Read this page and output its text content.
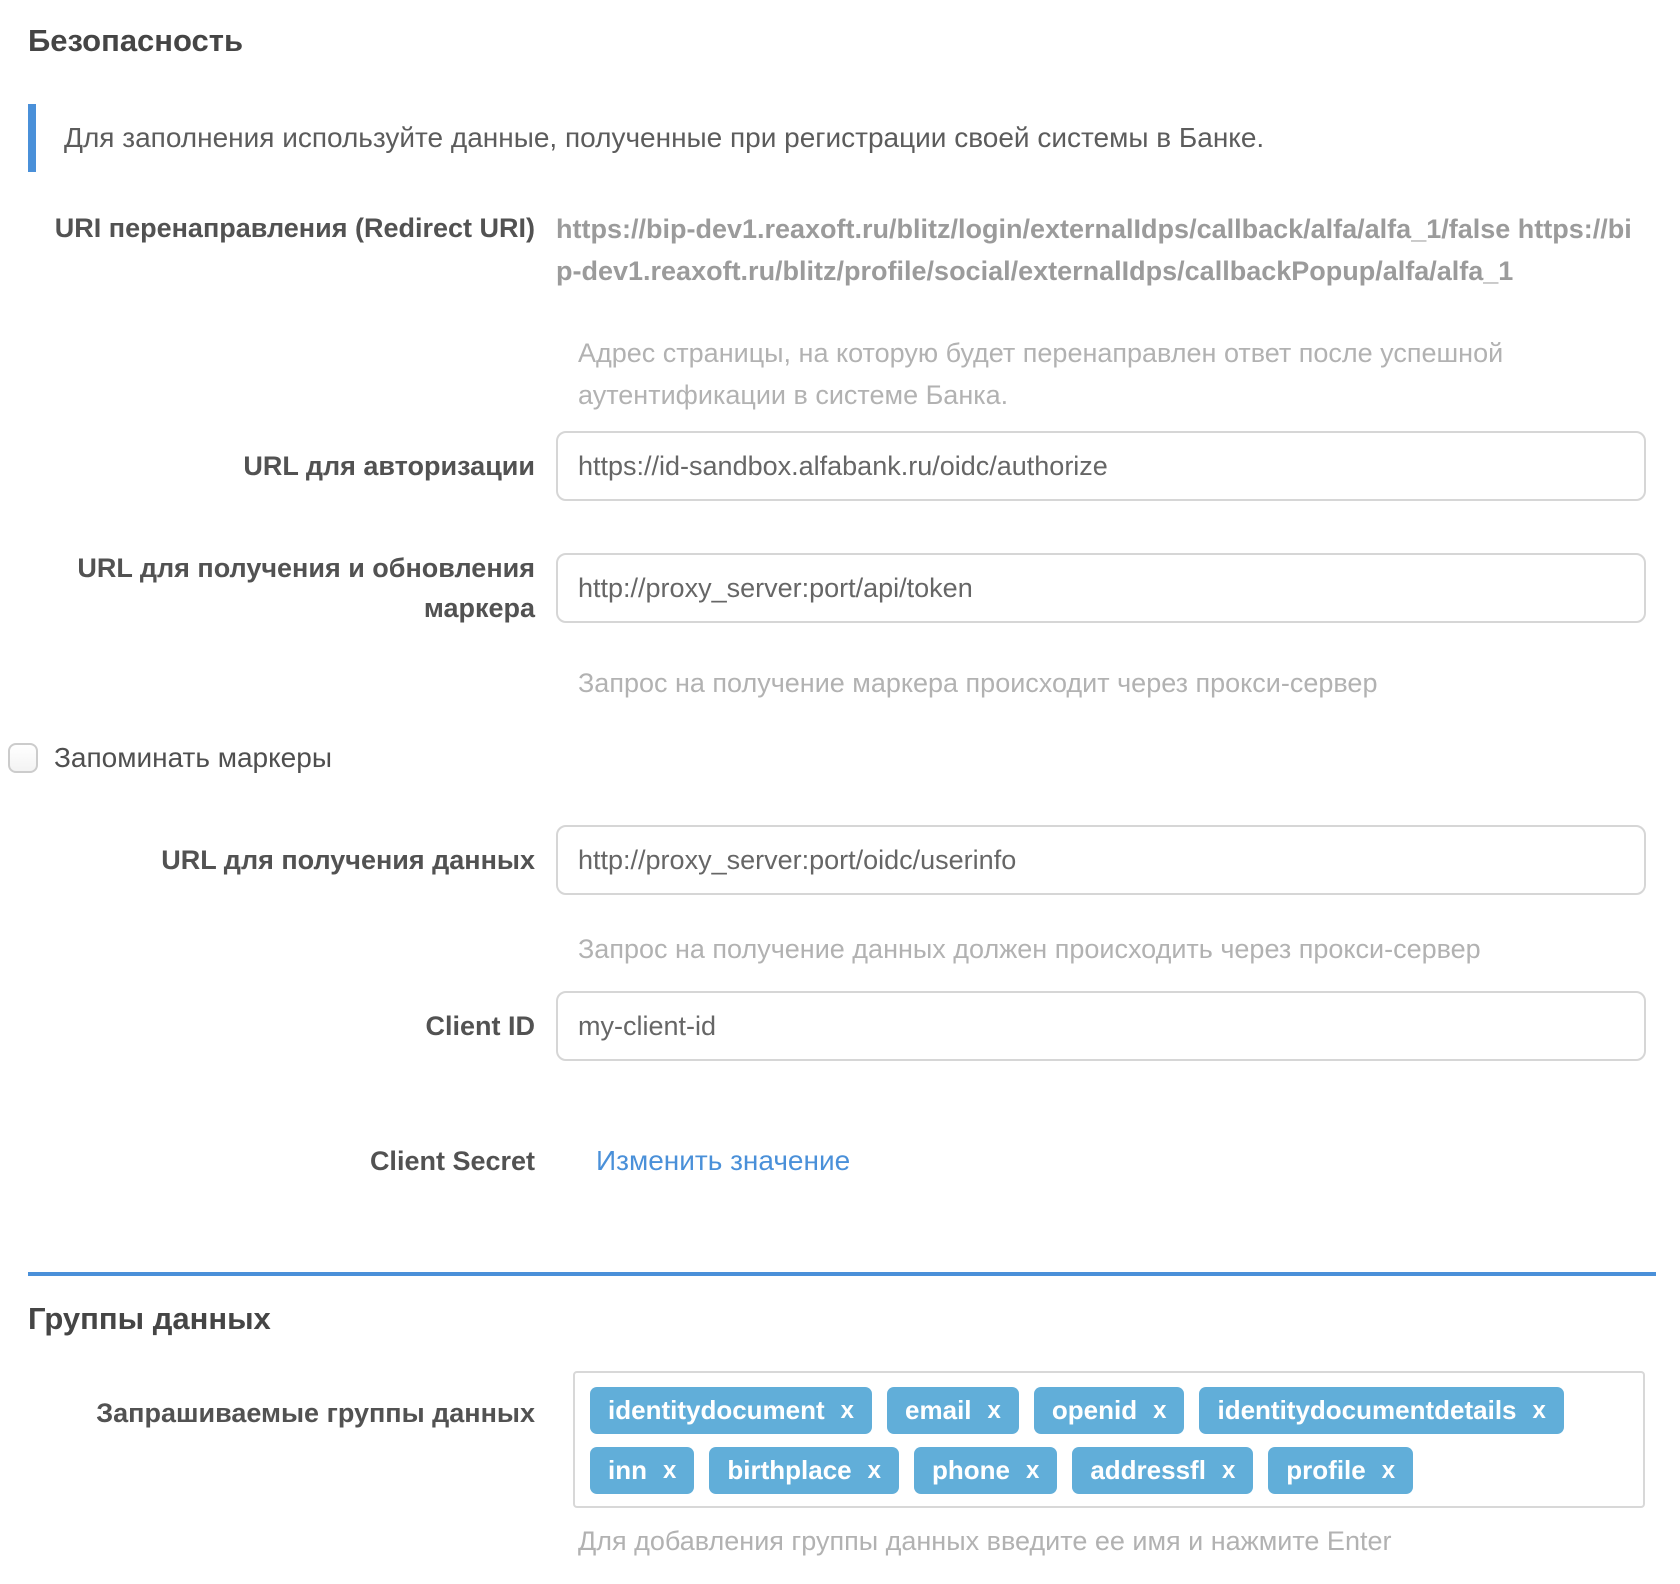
Безопасность
Для заполнения используйте данные, полученные при регистрации своей системы в Банке.
URI перенаправления (Redirect URI) https://bip-dev1.reaxoft.ru/blitz/login/externalIdps/callback/alfa/alfa_1/false https://bip-dev1.reaxoft.ru/blitz/profile/social/externalIdps/callbackPopup/alfa/alfa_1
Адрес страницы, на которую будет перенаправлен ответ после успешной аутентификации в системе Банка.
URL для авторизации
https://id-sandbox.alfabank.ru/oidc/authorize
URL для получения и обновления маркера
http://proxy_server:port/api/token
Запрос на получение маркера происходит через прокси-сервер
Запоминать маркеры
URL для получения данных
http://proxy_server:port/oidc/userinfo
Запрос на получение данных должен происходить через прокси-сервер
Client ID
my-client-id
Client Secret Изменить значение
Группы данных
Запрашиваемые группы данных	identitydocument x email x openid x identitydocumentdetails x
inn x birthplace x phone x addressfl x profile x
Для добавления группы данных введите ее имя и нажмите Enter
